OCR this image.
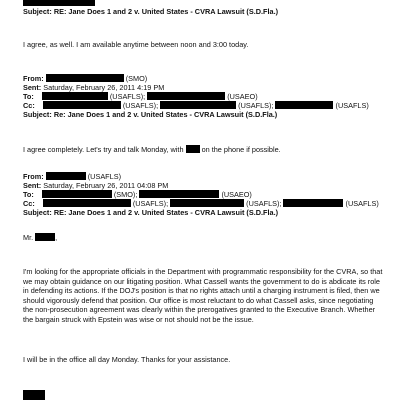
Subject: RE: Jane Does 1 and 2 v. United States - CVRA Lawsuit (S.D.Fla.)
I agree, as well. I am available anytime between noon and 3:00 today.
From:	(SMO)
Sent: Saturday, February 26, 2011 4:19 PM
To:	(USAFLS);	(USAEO)
Cc:	(USAFLS);	(USAFLS);	(USAFLS)
Subject: Re: Jane Does 1 and 2 v. United States - CVRA Lawsuit (S.D.Fla.)
I agree completely. Let's try and talk Monday, with on the phone if possible.
From:	(USAFLS)
Sent: Saturday, February 26, 2011 04:08 PM
To:	(SMO);	(USAEO)
Cc:	(USAFLS);	(USAFLS);	(USAFLS)
Subject: RE: Jane Does 1 and 2 v. United States - CVRA Lawsuit (S.D.Fla.)
Mr.	,
I'm looking for the appropriate officials in the Department with programmatic responsibility for the CVRA, so that we may obtain guidance on our litigating position. What Cassell wants the government to do is abdicate its role in defending its actions. If the DOJ's position is that no rights attach until a charging instrument is filed, then we should vigorously defend that position. Our office is most reluctant to do what Cassell asks, since negotiating the non-prosecution agreement was clearly within the prerogatives granted to the Executive Branch. Whether the bargain struck with Epstein was wise or not should not be the issue.
I will be in the office all day Monday. Thanks for your assistance.
